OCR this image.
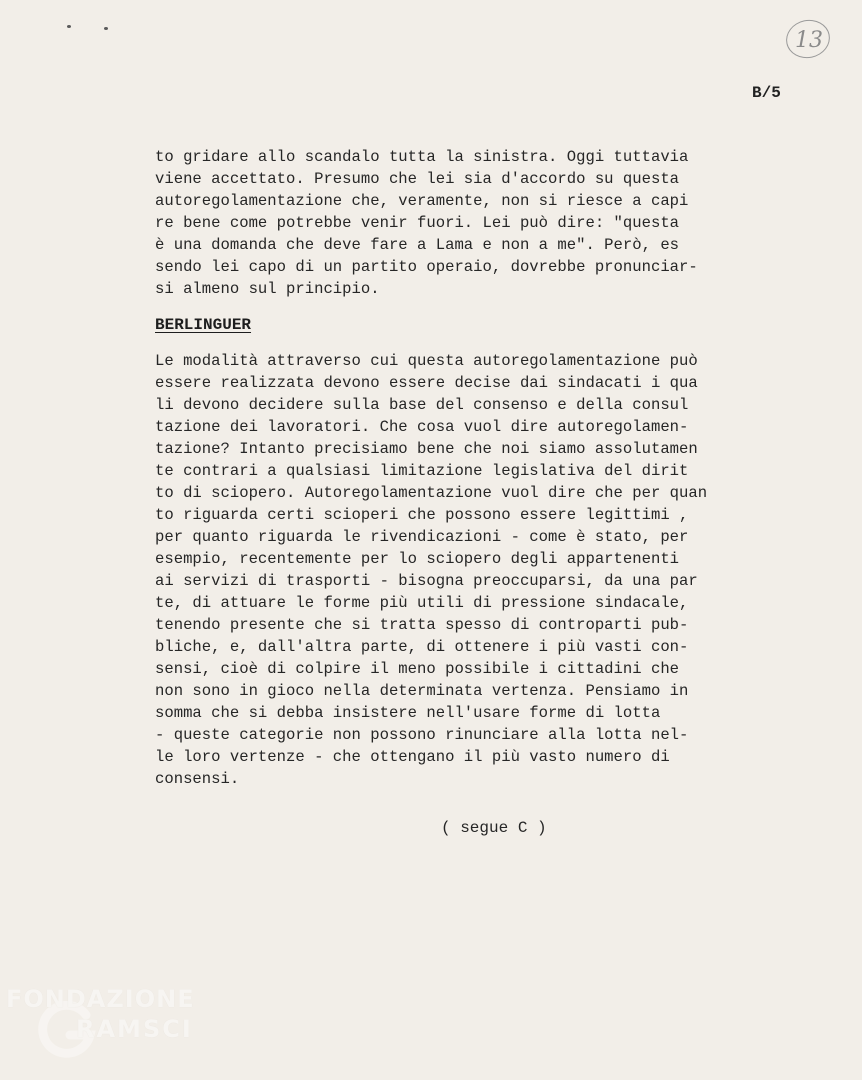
13
B/5
to gridare allo scandalo tutta la sinistra. Oggi tuttavia
viene accettato. Presumo che lei sia d'accordo su questa
autoregolamentazione che, veramente, non si riesce a capi
re bene come potrebbe venir fuori. Lei può dire: "questa
è una domanda che deve fare a Lama e non a me". Però, es
sendo lei capo di un partito operaio, dovrebbe pronunciar-
si almeno sul principio.
BERLINGUER
Le modalità attraverso cui questa autoregolamentazione può
essere realizzata devono essere decise dai sindacati i qua
li devono decidere sulla base del consenso e della consul
tazione dei lavoratori. Che cosa vuol dire autoregolamen-
tazione? Intanto precisiamo bene che noi siamo assolutamen
te contrari a qualsiasi limitazione legislativa del dirit
to di sciopero. Autoregolamentazione vuol dire che per quan
to riguarda certi scioperi che possono essere legittimi ,
per quanto riguarda le rivendicazioni - come è stato, per
esempio, recentemente per lo sciopero degli appartenenti
ai servizi di trasporti - bisogna preoccuparsi, da una par
te, di attuare le forme più utili di pressione sindacale,
tenendo presente che si tratta spesso di controparti pub-
bliche, e, dall'altra parte, di ottenere i più vasti con-
sensi, cioè di colpire il meno possibile i cittadini che
non sono in gioco nella determinata vertenza. Pensiamo in
somma che si debba insistere nell'usare forme di lotta
- queste categorie non possono rinunciare alla lotta nel-
le loro vertenze - che ottengano il più vasto numero di
consensi.
( segue C )
FONDAZIONE
RAMSCI
